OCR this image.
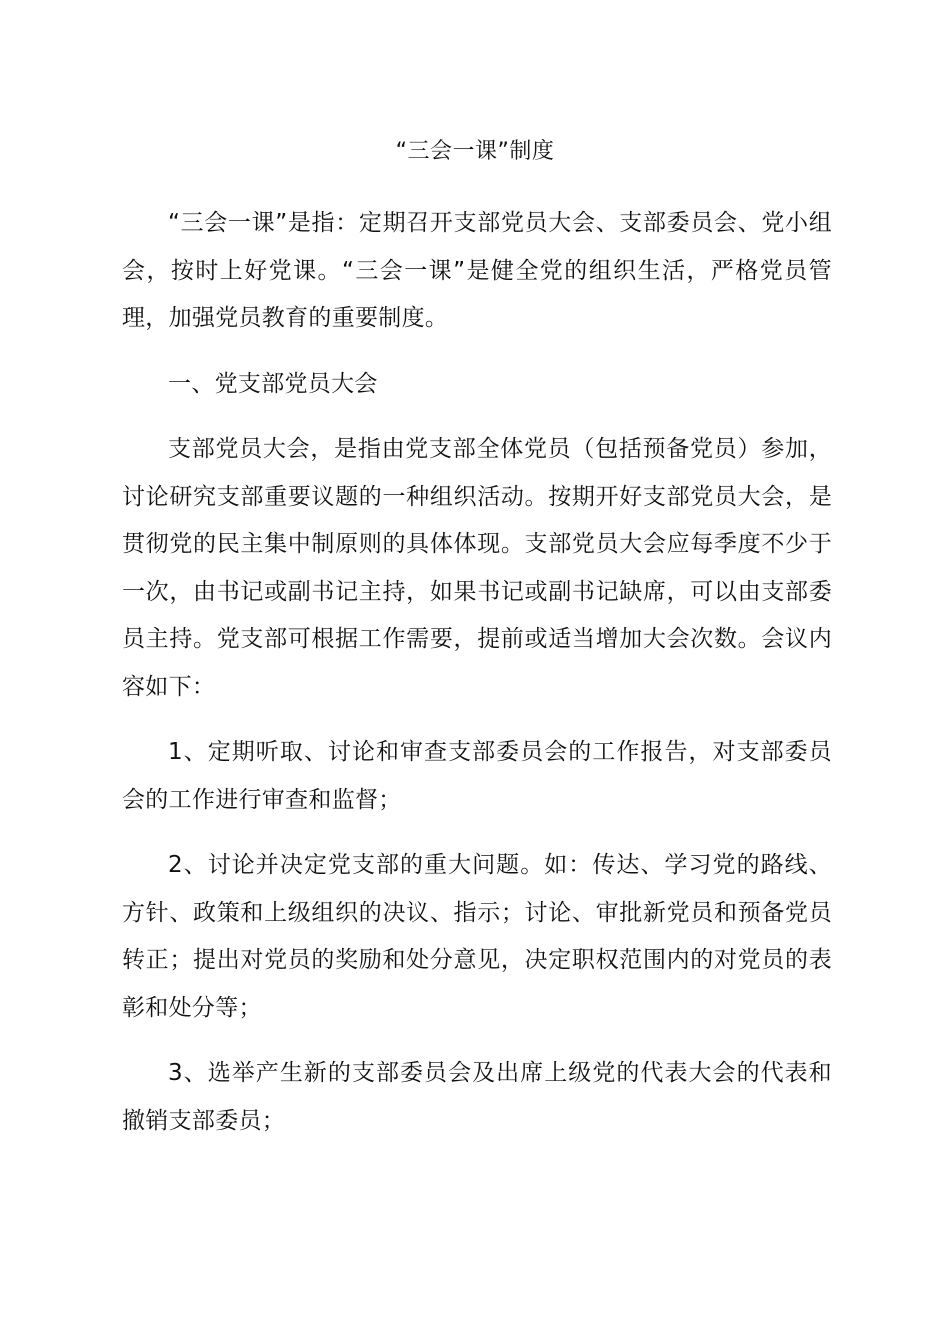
“三会一课”制度

“三会一课”是指：定期召开支部党员大会、支部委员会、党小组会，按时上好党课。“三会一课”是健全党的组织生活，严格党员管理，加强党员教育的重要制度。

一、党支部党员大会

支部党员大会，是指由党支部全体党员（包括预备党员）参加，讨论研究支部重要议题的一种组织活动。按期开好支部党员大会，是贯彻党的民主集中制原则的具体体现。支部党员大会应每季度不少于一次，由书记或副书记主持，如果书记或副书记缺席，可以由支部委员主持。党支部可根据工作需要，提前或适当增加大会次数。会议内容如下：

1、定期听取、讨论和审查支部委员会的工作报告，对支部委员会的工作进行审查和监督；

2、讨论并决定党支部的重大问题。如：传达、学习党的路线、方针、政策和上级组织的决议、指示；讨论、审批新党员和预备党员转正；提出对党员的奖励和处分意见，决定职权范围内的对党员的表彰和处分等；

3、选举产生新的支部委员会及出席上级党的代表大会的代表和撤销支部委员；
